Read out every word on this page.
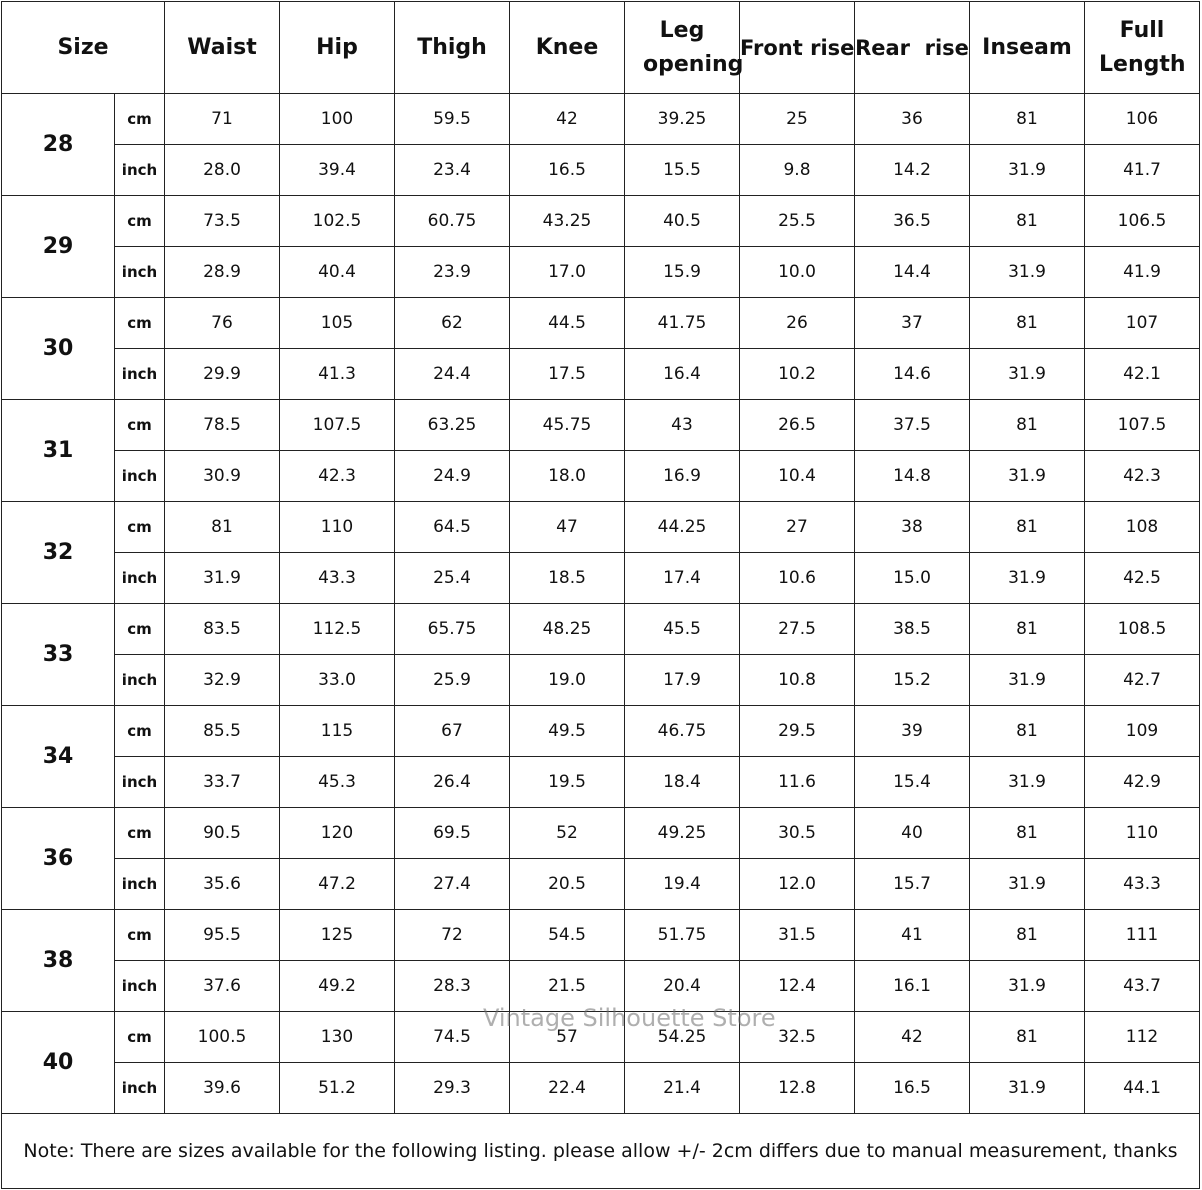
Size		Waist	Hip	Thigh	Knee	Leg opening	Front rise	Rear  rise	Inseam	Full Length
28	cm	71	100	59.5	42	39.25	25	36	81	106
	inch	28.0	39.4	23.4	16.5	15.5	9.8	14.2	31.9	41.7
29	cm	73.5	102.5	60.75	43.25	40.5	25.5	36.5	81	106.5
	inch	28.9	40.4	23.9	17.0	15.9	10.0	14.4	31.9	41.9
30	cm	76	105	62	44.5	41.75	26	37	81	107
	inch	29.9	41.3	24.4	17.5	16.4	10.2	14.6	31.9	42.1
31	cm	78.5	107.5	63.25	45.75	43	26.5	37.5	81	107.5
	inch	30.9	42.3	24.9	18.0	16.9	10.4	14.8	31.9	42.3
32	cm	81	110	64.5	47	44.25	27	38	81	108
	inch	31.9	43.3	25.4	18.5	17.4	10.6	15.0	31.9	42.5
33	cm	83.5	112.5	65.75	48.25	45.5	27.5	38.5	81	108.5
	inch	32.9	33.0	25.9	19.0	17.9	10.8	15.2	31.9	42.7
34	cm	85.5	115	67	49.5	46.75	29.5	39	81	109
	inch	33.7	45.3	26.4	19.5	18.4	11.6	15.4	31.9	42.9
36	cm	90.5	120	69.5	52	49.25	30.5	40	81	110
	inch	35.6	47.2	27.4	20.5	19.4	12.0	15.7	31.9	43.3
38	cm	95.5	125	72	54.5	51.75	31.5	41	81	111
	inch	37.6	49.2	28.3	21.5	20.4	12.4	16.1	31.9	43.7
40	cm	100.5	130	74.5	57	54.25	32.5	42	81	112
	inch	39.6	51.2	29.3	22.4	21.4	12.8	16.5	31.9	44.1
Note: There are sizes available for the following listing. please allow +/- 2cm differs due to manual measurement, thanks										
Vintage Silhouette Store
